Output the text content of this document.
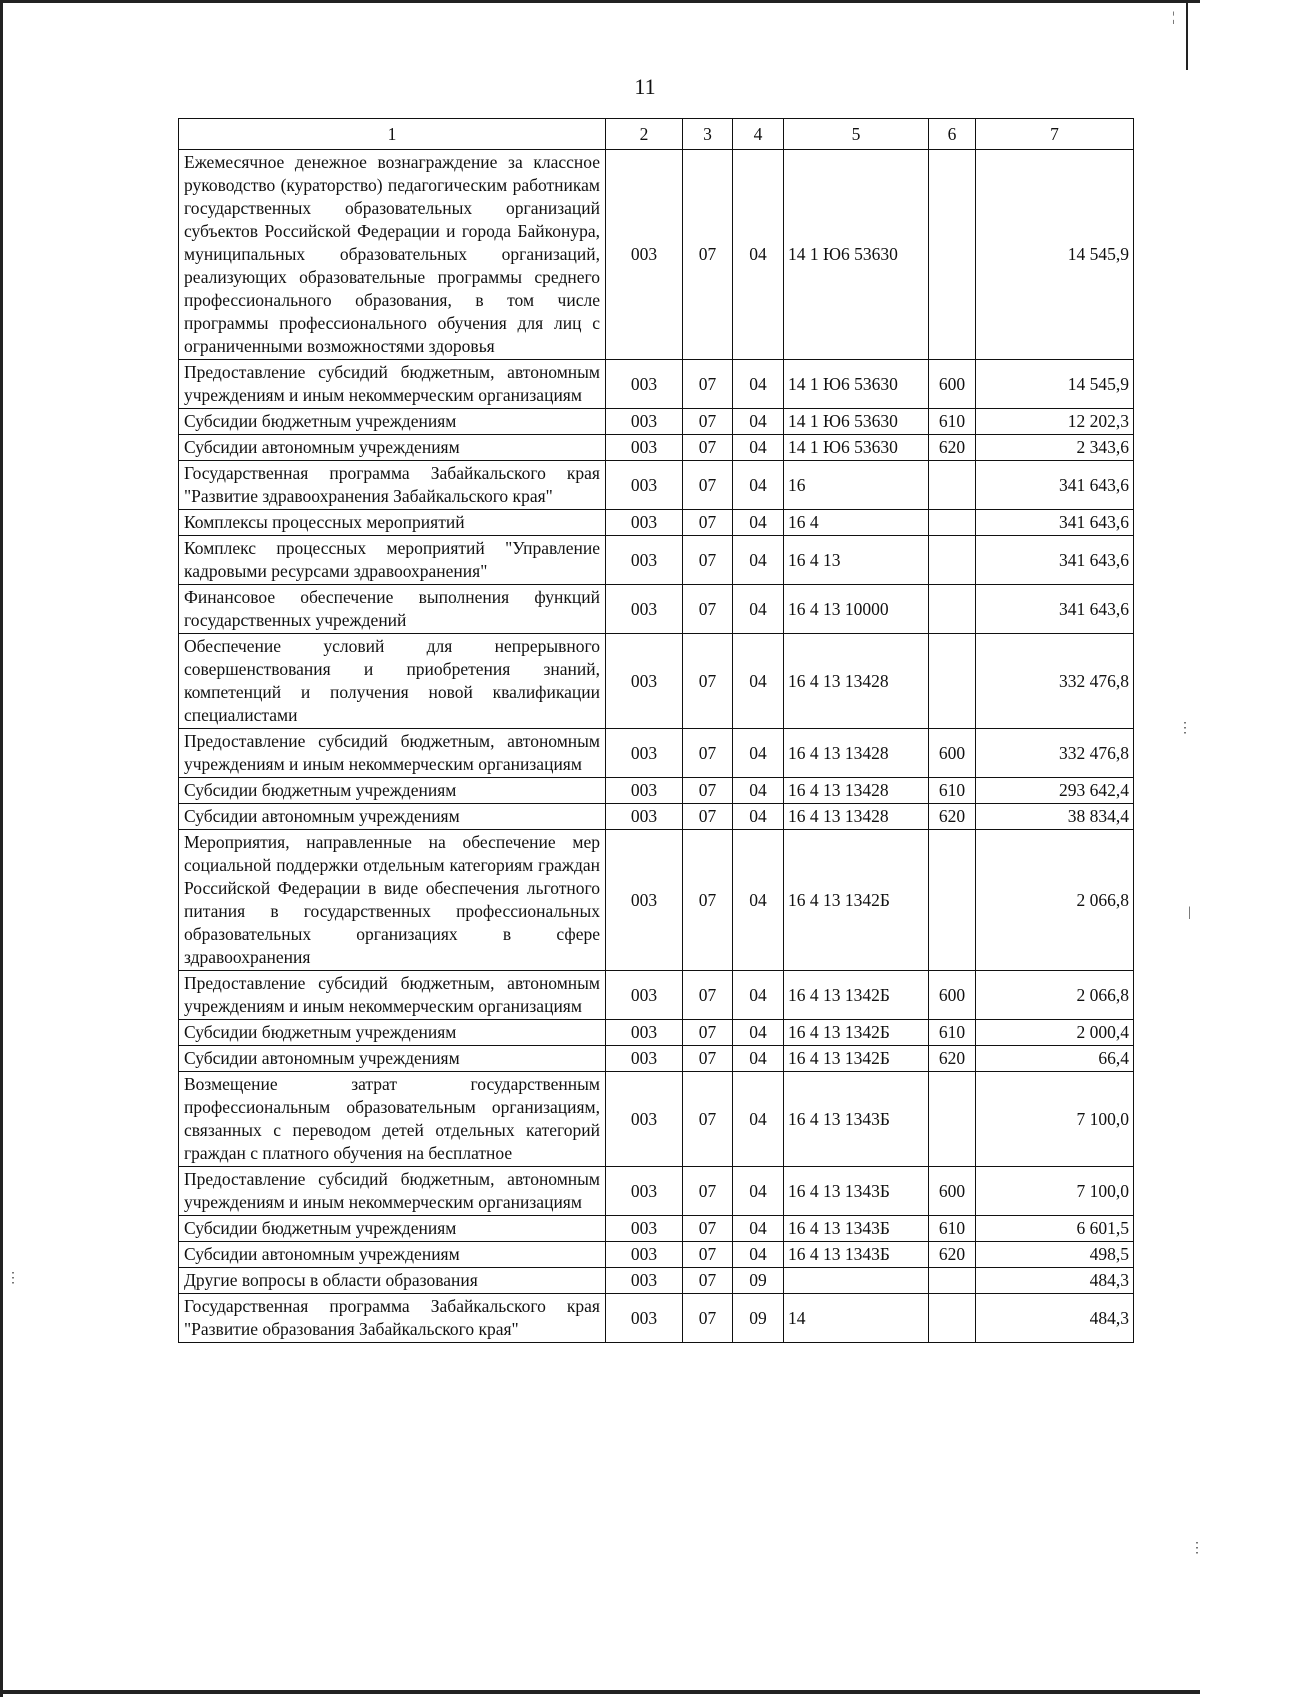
¦
⋮
|
⋮
⋮
11
1	2	3	4	5	6	7
Ежемесячное денежное вознаграждение за классное руководство (кураторство) педагогическим работникам государственных образовательных организаций субъектов Российской Федерации и города Байконура, муниципальных образовательных организаций, реализующих образовательные программы среднего профессионального образования, в том числе программы профессионального обучения для лиц с ограниченными возможностями здоровья	003	07	04	14 1 Ю6 53630		14 545,9
Предоставление субсидий бюджетным, автономным учреждениям и иным некоммерческим организациям	003	07	04	14 1 Ю6 53630	600	14 545,9
Субсидии бюджетным учреждениям	003	07	04	14 1 Ю6 53630	610	12 202,3
Субсидии автономным учреждениям	003	07	04	14 1 Ю6 53630	620	2 343,6
Государственная программа Забайкальского края "Развитие здравоохранения Забайкальского края"	003	07	04	16		341 643,6
Комплексы процессных мероприятий	003	07	04	16 4		341 643,6
Комплекс процессных мероприятий "Управление кадровыми ресурсами здравоохранения"	003	07	04	16 4 13		341 643,6
Финансовое обеспечение выполнения функций государственных учреждений	003	07	04	16 4 13 10000		341 643,6
Обеспечение условий для непрерывного совершенствования и приобретения знаний, компетенций и получения новой квалификации специалистами	003	07	04	16 4 13 13428		332 476,8
Предоставление субсидий бюджетным, автономным учреждениям и иным некоммерческим организациям	003	07	04	16 4 13 13428	600	332 476,8
Субсидии бюджетным учреждениям	003	07	04	16 4 13 13428	610	293 642,4
Субсидии автономным учреждениям	003	07	04	16 4 13 13428	620	38 834,4
Мероприятия, направленные на обеспечение мер социальной поддержки отдельным категориям граждан Российской Федерации в виде обеспечения льготного питания в государственных профессиональных образовательных организациях в сфере здравоохранения	003	07	04	16 4 13 1342Б		2 066,8
Предоставление субсидий бюджетным, автономным учреждениям и иным некоммерческим организациям	003	07	04	16 4 13 1342Б	600	2 066,8
Субсидии бюджетным учреждениям	003	07	04	16 4 13 1342Б	610	2 000,4
Субсидии автономным учреждениям	003	07	04	16 4 13 1342Б	620	66,4
Возмещение затрат государственным профессиональным образовательным организациям, связанных с переводом детей отдельных категорий граждан с платного обучения на бесплатное	003	07	04	16 4 13 1343Б		7 100,0
Предоставление субсидий бюджетным, автономным учреждениям и иным некоммерческим организациям	003	07	04	16 4 13 1343Б	600	7 100,0
Субсидии бюджетным учреждениям	003	07	04	16 4 13 1343Б	610	6 601,5
Субсидии автономным учреждениям	003	07	04	16 4 13 1343Б	620	498,5
Другие вопросы в области образования	003	07	09			484,3
Государственная программа Забайкальского края "Развитие образования Забайкальского края"	003	07	09	14		484,3
